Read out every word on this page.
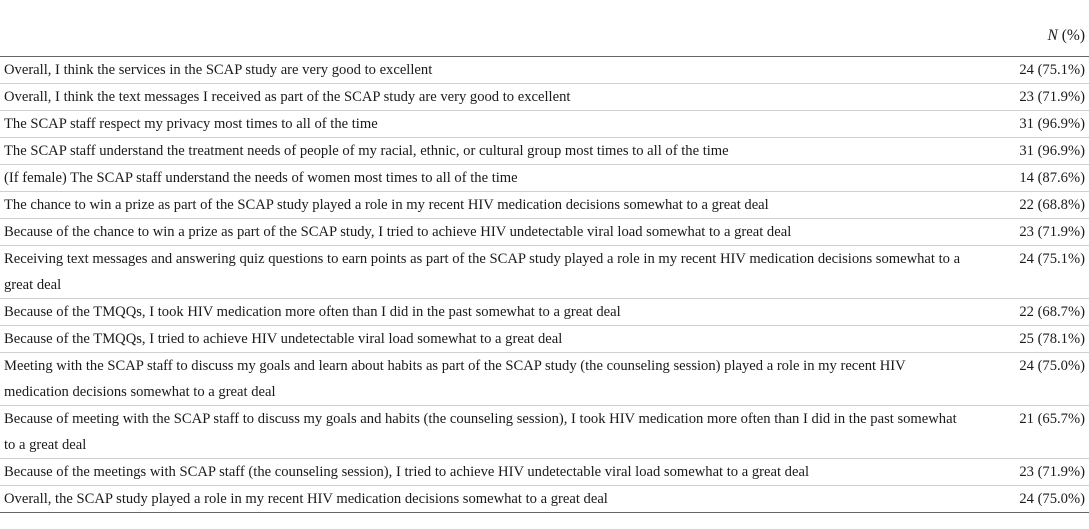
	N (%)
Overall, I think the services in the SCAP study are very good to excellent	24 (75.1%)
Overall, I think the text messages I received as part of the SCAP study are very good to excellent	23 (71.9%)
The SCAP staff respect my privacy most times to all of the time	31 (96.9%)
The SCAP staff understand the treatment needs of people of my racial, ethnic, or cultural group most times to all of the time	31 (96.9%)
(If female) The SCAP staff understand the needs of women most times to all of the time	14 (87.6%)
The chance to win a prize as part of the SCAP study played a role in my recent HIV medication decisions somewhat to a great deal	22 (68.8%)
Because of the chance to win a prize as part of the SCAP study, I tried to achieve HIV undetectable viral load somewhat to a great deal	23 (71.9%)
Receiving text messages and answering quiz questions to earn points as part of the SCAP study played a role in my recent HIV medication decisions somewhat to a great deal	24 (75.1%)
Because of the TMQQs, I took HIV medication more often than I did in the past somewhat to a great deal	22 (68.7%)
Because of the TMQQs, I tried to achieve HIV undetectable viral load somewhat to a great deal	25 (78.1%)
Meeting with the SCAP staff to discuss my goals and learn about habits as part of the SCAP study (the counseling session) played a role in my recent HIV medication decisions somewhat to a great deal	24 (75.0%)
Because of meeting with the SCAP staff to discuss my goals and habits (the counseling session), I took HIV medication more often than I did in the past somewhat to a great deal	21 (65.7%)
Because of the meetings with SCAP staff (the counseling session), I tried to achieve HIV undetectable viral load somewhat to a great deal	23 (71.9%)
Overall, the SCAP study played a role in my recent HIV medication decisions somewhat to a great deal	24 (75.0%)
